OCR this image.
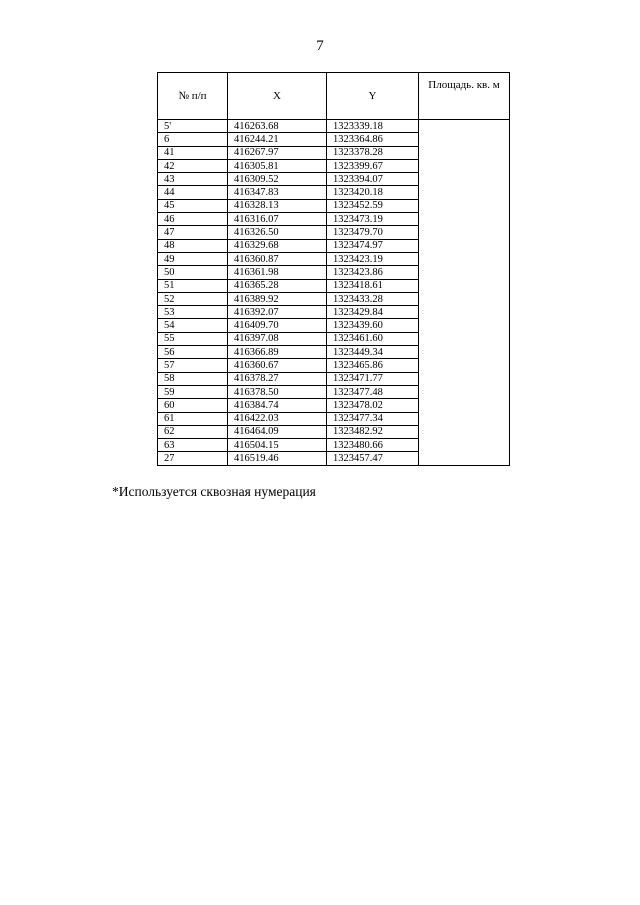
7
№ п/п	X	Y	Площадь. кв. м
5'	416263.68	1323339.18	
6	416244.21	1323364.86	
41	416267.97	1323378.28	
42	416305.81	1323399.67	
43	416309.52	1323394.07	
44	416347.83	1323420.18	
45	416328.13	1323452.59	
46	416316.07	1323473.19	
47	416326.50	1323479.70	
48	416329.68	1323474.97	
49	416360.87	1323423.19	
50	416361.98	1323423.86	
51	416365.28	1323418.61	
52	416389.92	1323433.28	
53	416392.07	1323429.84	
54	416409.70	1323439.60	
55	416397.08	1323461.60	
56	416366.89	1323449.34	
57	416360.67	1323465.86	
58	416378.27	1323471.77	
59	416378.50	1323477.48	
60	416384.74	1323478.02	
61	416422.03	1323477.34	
62	416464.09	1323482.92	
63	416504.15	1323480.66	
27	416519.46	1323457.47	
*Используется сквозная нумерация
